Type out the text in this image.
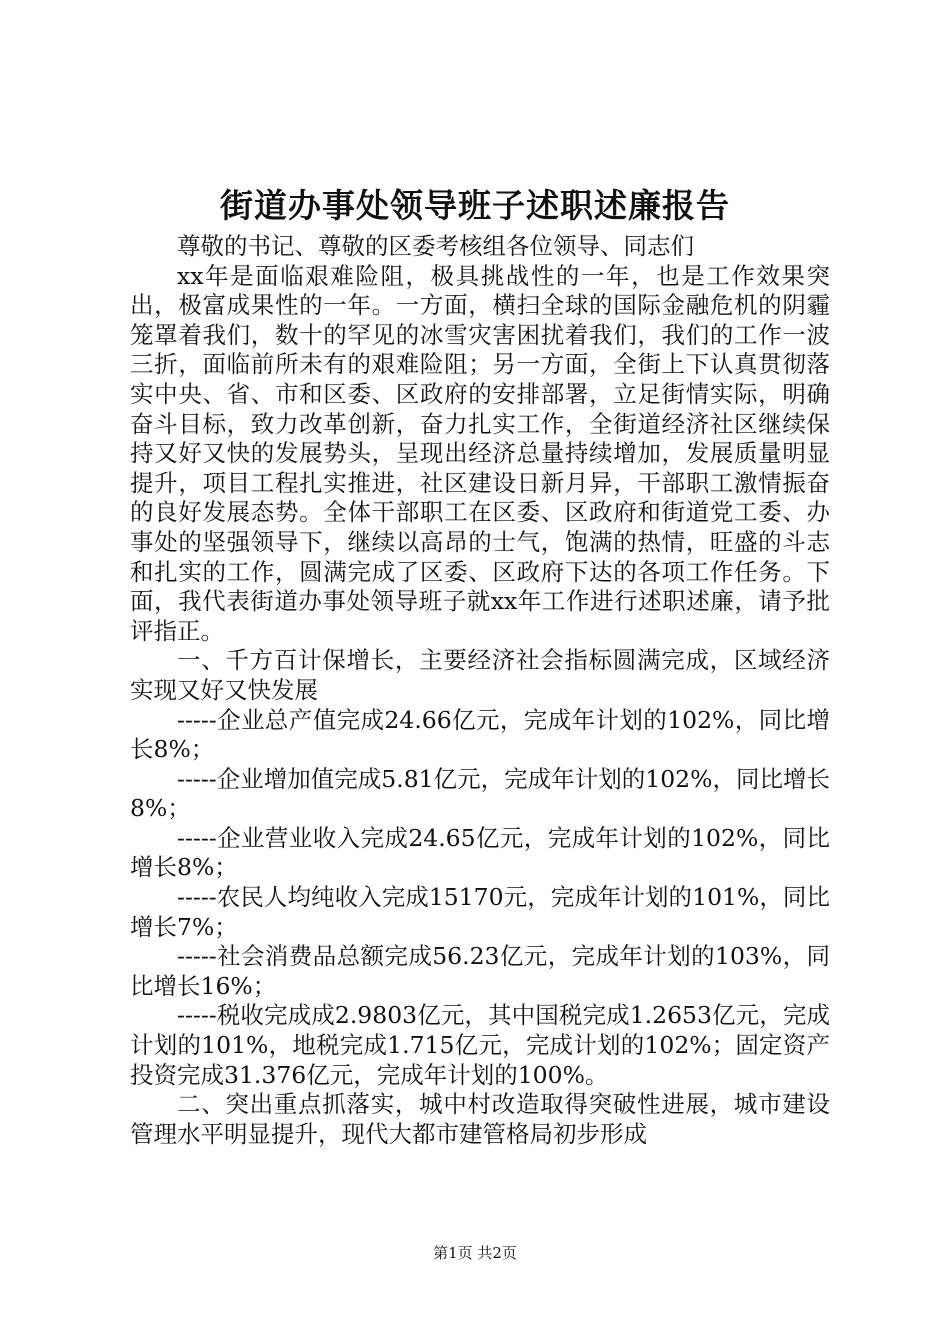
街道办事处领导班子述职述廉报告

尊敬的书记、尊敬的区委考核组各位领导、同志们

xx年是面临艰难险阻，极具挑战性的一年，也是工作效果突出，极富成果性的一年。一方面，横扫全球的国际金融危机的阴霾笼罩着我们，数十的罕见的冰雪灾害困扰着我们，我们的工作一波三折，面临前所未有的艰难险阻；另一方面，全街上下认真贯彻落实中央、省、市和区委、区政府的安排部署，立足街情实际，明确奋斗目标，致力改革创新，奋力扎实工作，全街道经济社区继续保持又好又快的发展势头，呈现出经济总量持续增加，发展质量明显提升，项目工程扎实推进，社区建设日新月异，干部职工激情振奋的良好发展态势。全体干部职工在区委、区政府和街道党工委、办事处的坚强领导下，继续以高昂的士气，饱满的热情，旺盛的斗志和扎实的工作，圆满完成了区委、区政府下达的各项工作任务。下面，我代表街道办事处领导班子就xx年工作进行述职述廉，请予批评指正。

一、千方百计保增长，主要经济社会指标圆满完成，区域经济实现又好又快发展

-----企业总产值完成24.66亿元，完成年计划的102%，同比增长8%；

-----企业增加值完成5.81亿元，完成年计划的102%，同比增长8%；

-----企业营业收入完成24.65亿元，完成年计划的102%，同比增长8%；

-----农民人均纯收入完成15170元，完成年计划的101%，同比增长7%；

-----社会消费品总额完成56.23亿元，完成年计划的103%，同比增长16%；

-----税收完成成2.9803亿元，其中国税完成1.2653亿元，完成计划的101%，地税完成1.715亿元，完成计划的102%；固定资产投资完成31.376亿元，完成年计划的100%。

二、突出重点抓落实，城中村改造取得突破性进展，城市建设管理水平明显提升，现代大都市建管格局初步形成

第1页 共2页
